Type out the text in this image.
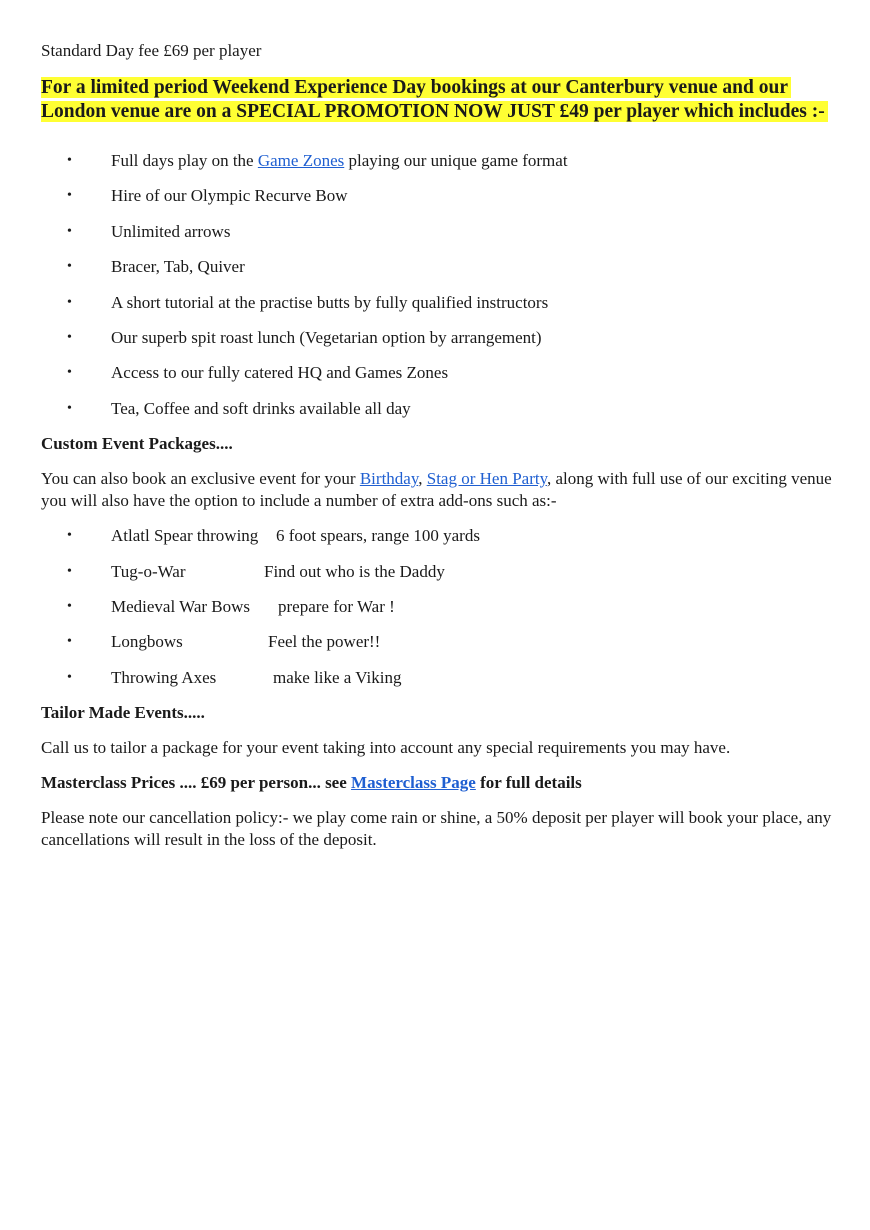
Standard Day fee £69 per player

For a limited period Weekend Experience Day bookings at our Canterbury venue and our London venue are on a SPECIAL PROMOTION NOW JUST £49 per player which includes :-

• Full days play on the Game Zones playing our unique game format
• Hire of our Olympic Recurve Bow
• Unlimited arrows
• Bracer, Tab, Quiver
• A short tutorial at the practise butts by fully qualified instructors
• Our superb spit roast lunch (Vegetarian option by arrangement)
• Access to our fully catered HQ and Games Zones
• Tea, Coffee and soft drinks available all day

Custom Event Packages....

You can also book an exclusive event for your Birthday, Stag or Hen Party, along with full use of our exciting venue you will also have the option to include a number of extra add-ons such as:-

• Atlatl Spear throwing 6 foot spears, range 100 yards
• Tug-o-War	Find out who is the Daddy
• Medieval War Bows prepare for War !
• Longbows	Feel the power!!
• Throwing Axes	make like a Viking

Tailor Made Events.....

Call us to tailor a package for your event taking into account any special requirements you may have.

Masterclass Prices .... £69 per person... see Masterclass Page for full details

Please note our cancellation policy:- we play come rain or shine, a 50% deposit per player will book your place, any cancellations will result in the loss of the deposit.
